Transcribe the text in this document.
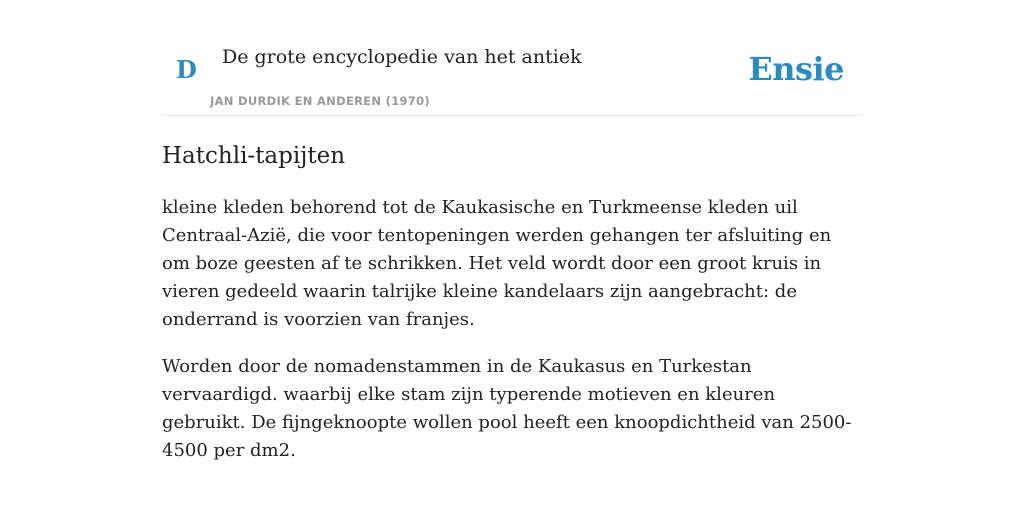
D De grote encyclopedie van het antiek
JAN DURDIK EN ANDEREN (1970)
Ensie
Hatchli-tapijten

kleine kleden behorend tot de Kaukasische en Turkmeense kleden uil Centraal-Azië, die voor tentopeningen werden gehangen ter afsluiting en om boze geesten af te schrikken. Het veld wordt door een groot kruis in vieren gedeeld waarin talrijke kleine kandelaars zijn aangebracht: de onderrand is voorzien van franjes.

Worden door de nomadenstammen in de Kaukasus en Turkestan vervaardigd. waarbij elke stam zijn typerende motieven en kleuren gebruikt. De fijngeknoopte wollen pool heeft een knoopdichtheid van 2500-4500 per dm2.
